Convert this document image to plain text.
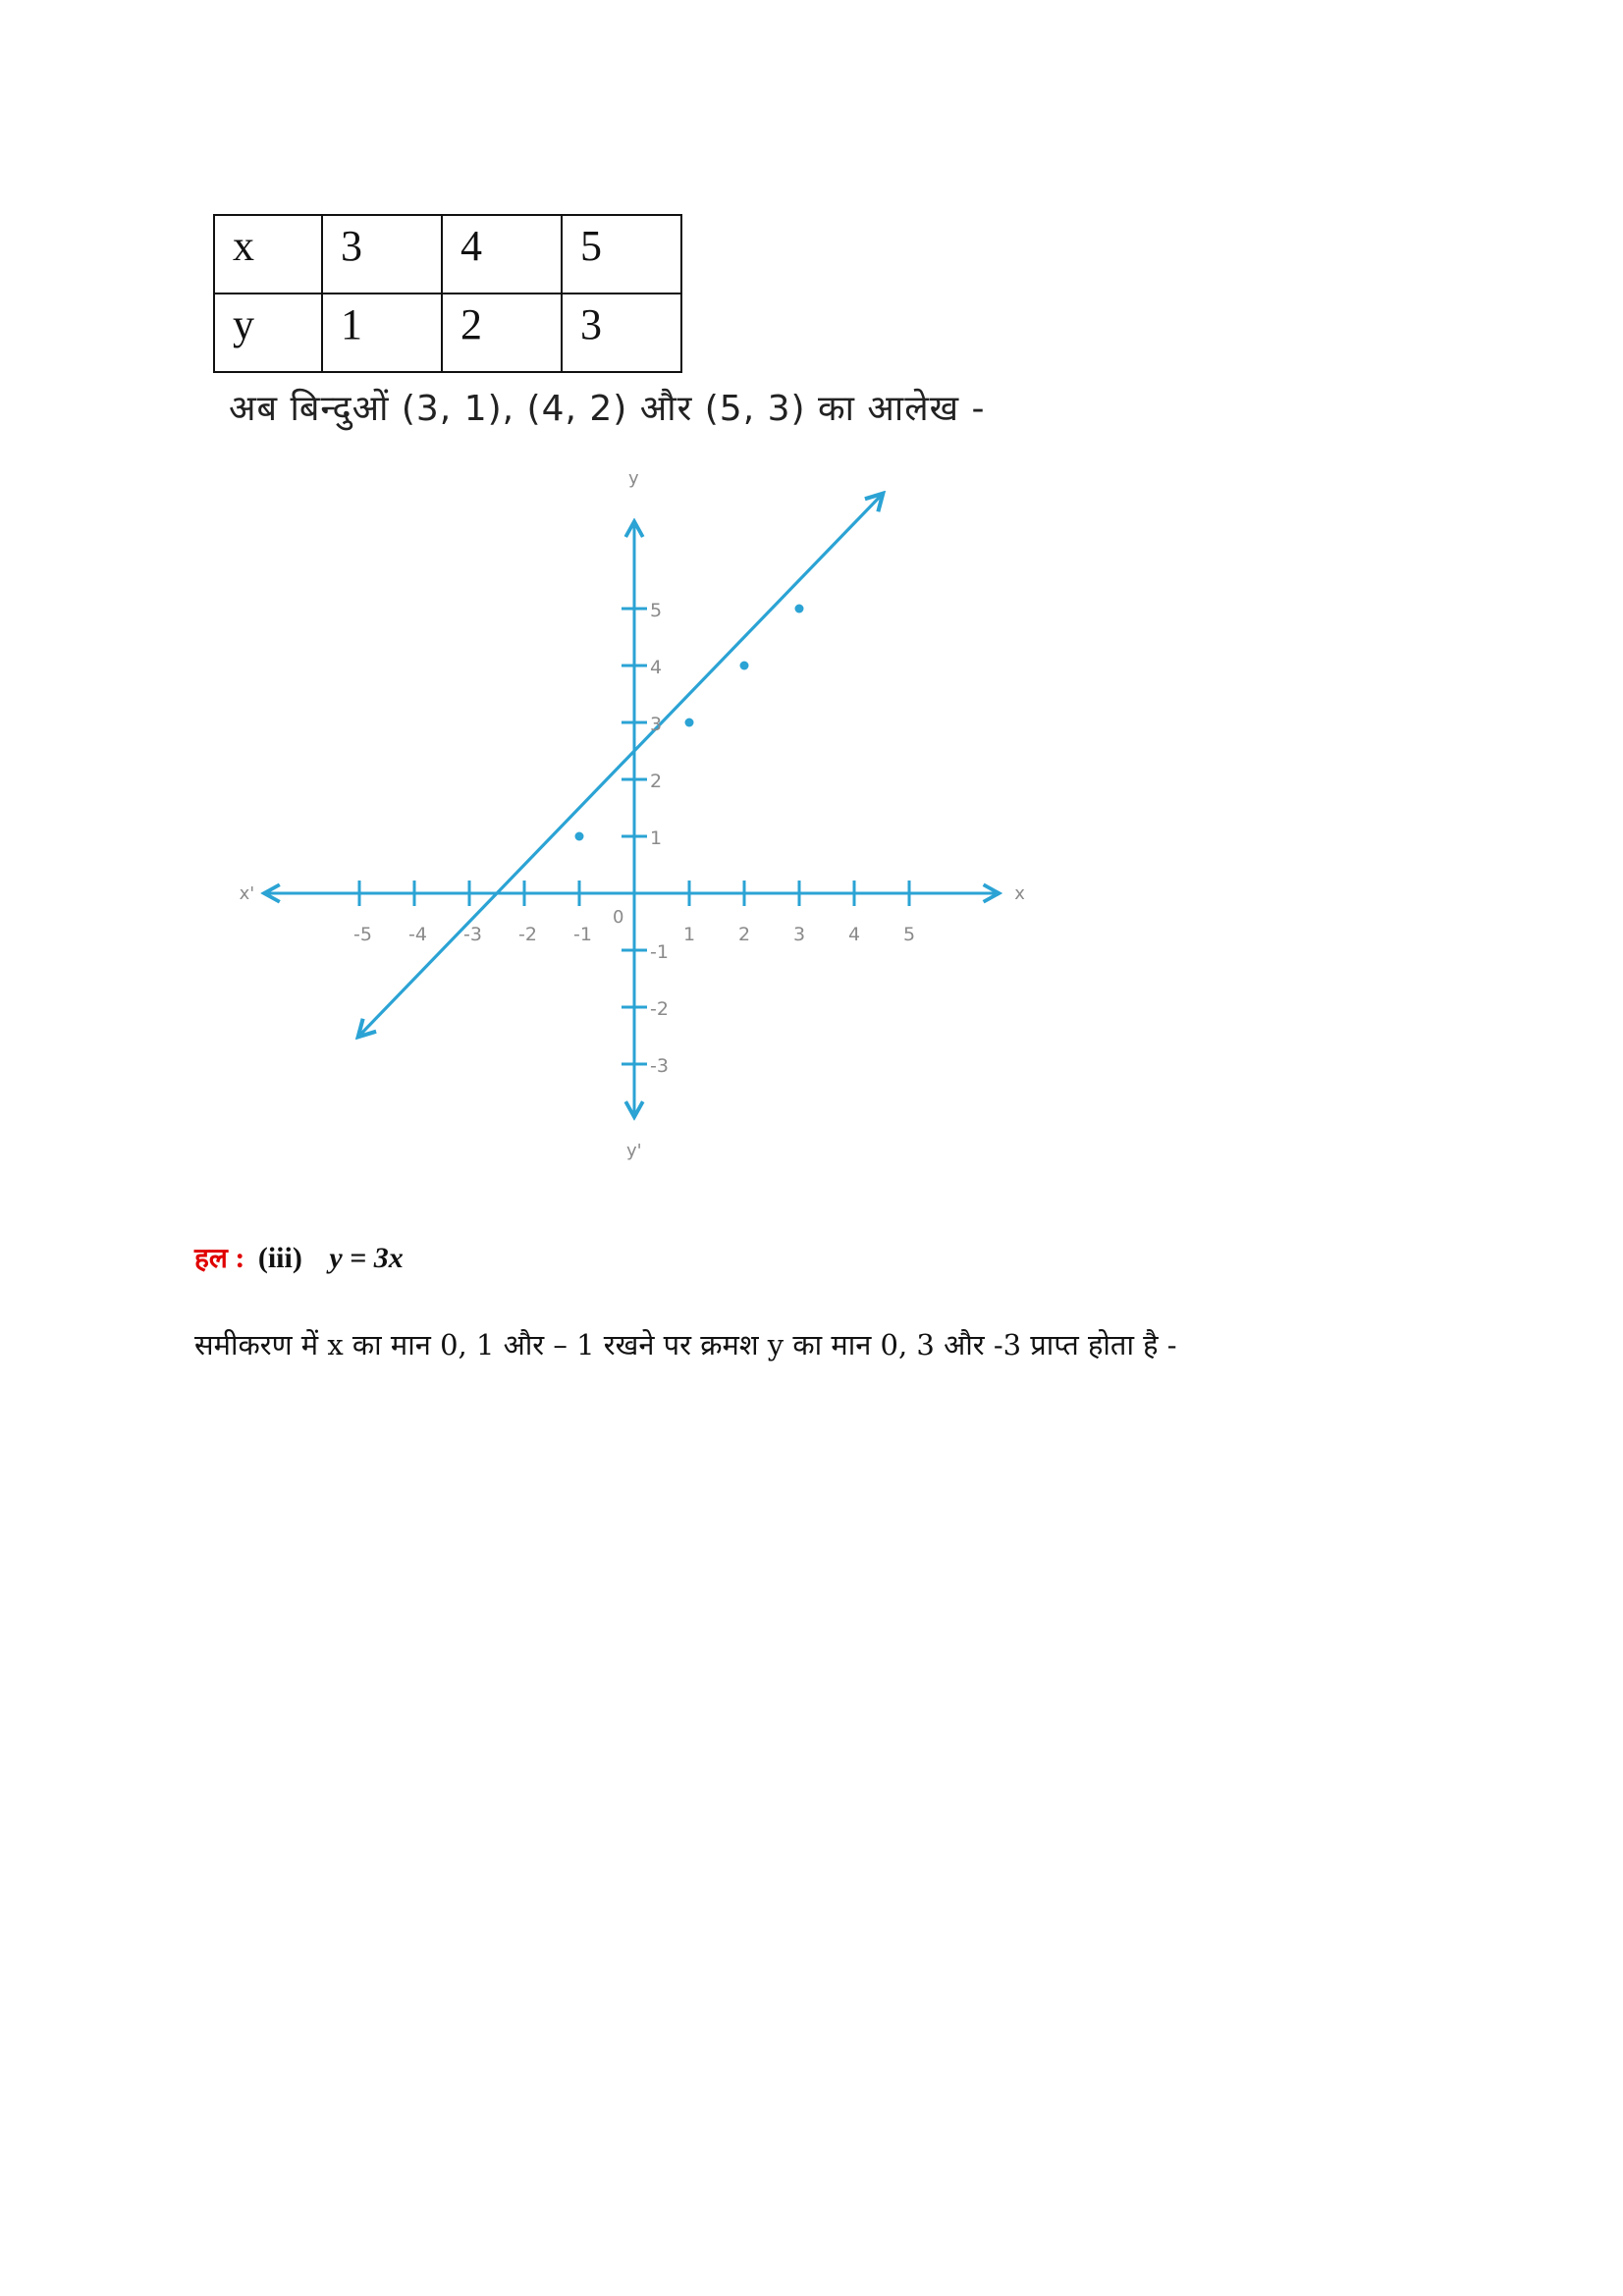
x	3	4	5
y	1	2	3
अब बिन्दुओं (3, 1), (4, 2) और (5, 3) का आलेख -
-5 -4 -3 -2 -1	1 2 3 4 5
5
4
3
2
1
-1
-2
-3
0
x
x'
y
y'
हल : (iii) y = 3x
समीकरण में x का मान 0, 1 और – 1 रखने पर क्रमश y का मान 0, 3 और -3 प्राप्त होता है -
